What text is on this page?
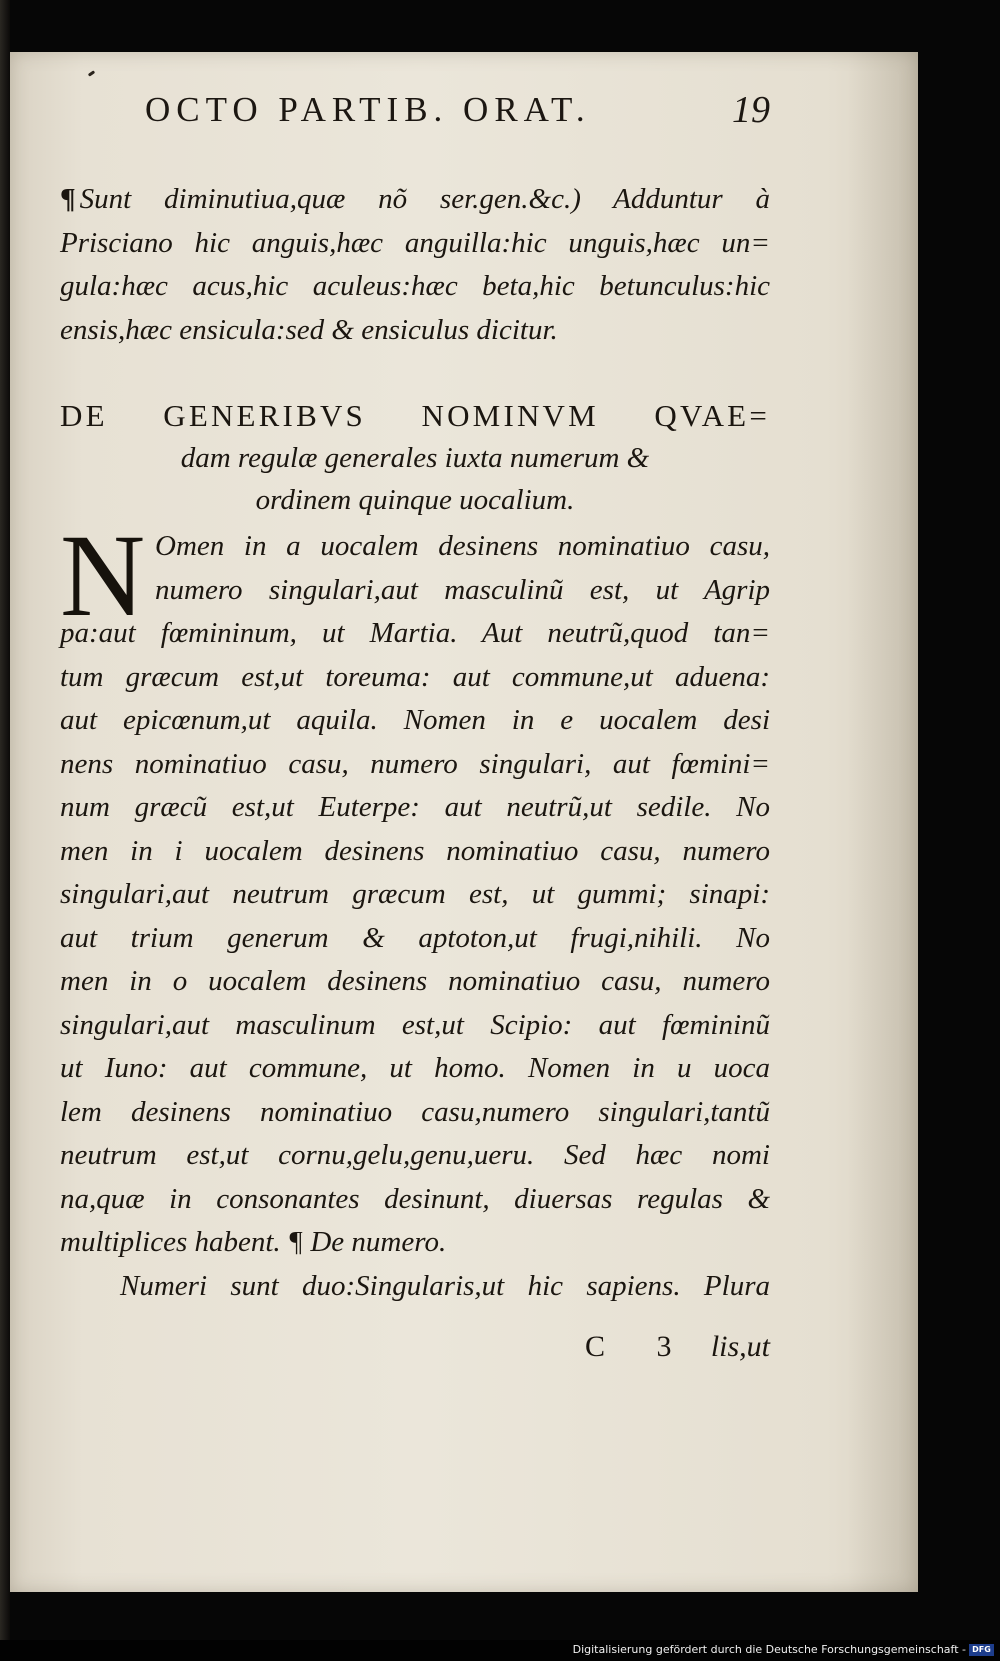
OCTO PARTIB. ORAT.	19
¶ Sunt diminutiua,quæ nõ ser.gen.&c.) Adduntur à
Prisciano hic anguis,hæc anguilla:hic unguis,hæc un=
gula:hæc acus,hic aculeus:hæc beta,hic betunculus:hic
ensis,hæc ensicula:sed & ensiculus dicitur.
DE GENERIBVS NOMINVM QVAE=
dam regulæ generales iuxta numerum &
ordinem quinque uocalium.
N Omen in a uocalem desinens nominatiuo casu,
numero singulari,aut masculinũ est, ut Agrip
pa:aut fœmininum, ut Martia. Aut neutrũ,quod tan=
tum græcum est,ut toreuma: aut commune,ut aduena:
aut epicœnum,ut aquila. Nomen in e uocalem desi
nens nominatiuo casu, numero singulari, aut fœmini=
num græcũ est,ut Euterpe: aut neutrũ,ut sedile. No
men in i uocalem desinens nominatiuo casu, numero
singulari,aut neutrum græcum est, ut gummi; sinapi:
aut trium generum & aptoton,ut frugi,nihili. No
men in o uocalem desinens nominatiuo casu, numero
singulari,aut masculinum est,ut Scipio: aut fœmininũ
ut Iuno: aut commune, ut homo. Nomen in u uoca
lem desinens nominatiuo casu,numero singulari,tantũ
neutrum est,ut cornu,gelu,genu,ueru. Sed hæc nomi
na,quæ in consonantes desinunt, diuersas regulas &
multiplices habent. ¶ De numero.
Numeri sunt duo:Singularis,ut hic sapiens. Plura
C 3 lis,ut
Digitalisierung gefördert durch die Deutsche Forschungsgemeinschaft - DFG
